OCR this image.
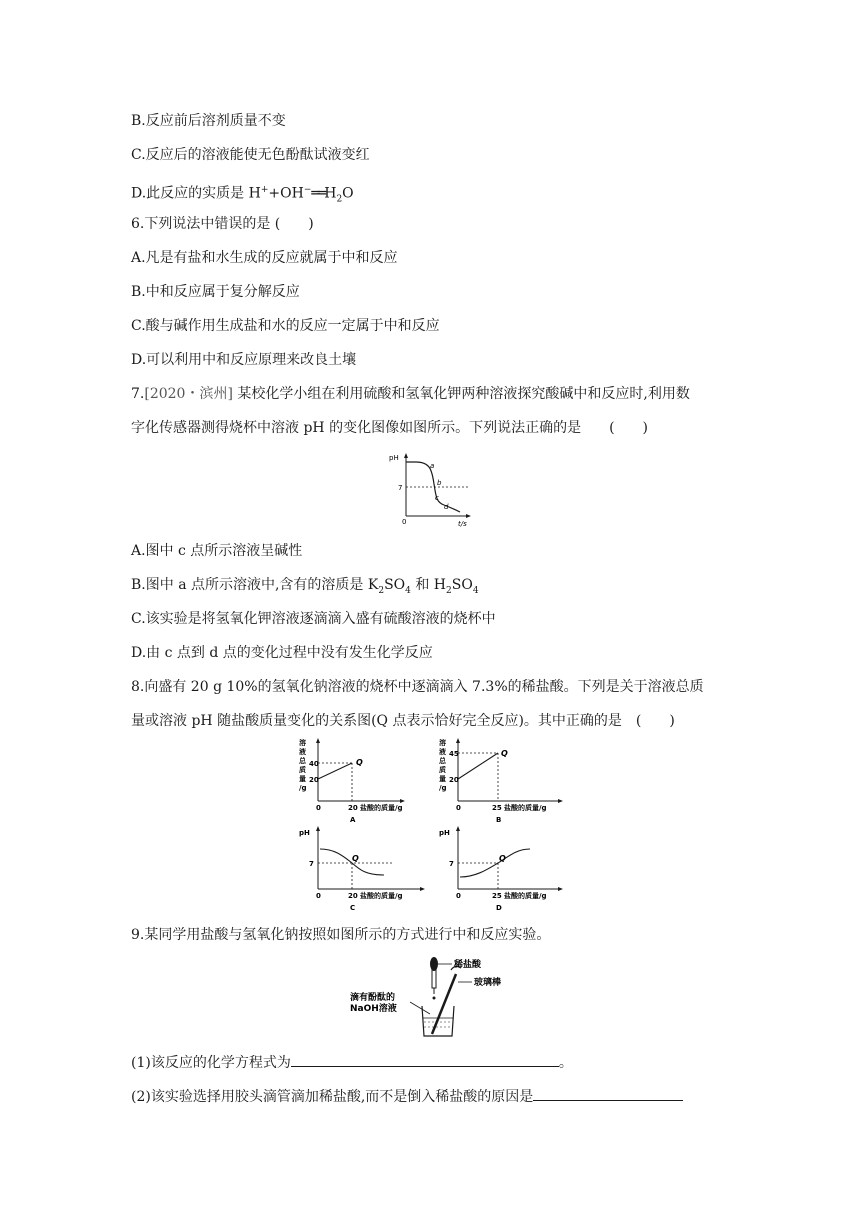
B.反应前后溶剂质量不变
C.反应后的溶液能使无色酚酞试液变红
D.此反应的实质是 $H^++OH^-══H_2O$
6.下列说法中错误的是 (　　)
A.凡是有盐和水生成的反应就属于中和反应
B.中和反应属于复分解反应
C.酸与碱作用生成盐和水的反应一定属于中和反应
D.可以利用中和反应原理来改良土壤
7.[2020・滨州] 某校化学小组在利用硫酸和氢氧化钾两种溶液探究酸碱中和反应时,利用数
字化传感器测得烧杯中溶液 pH 的变化图像如图所示。下列说法正确的是　　(　　)
pH
7
0	t/s
a
b
c
d
A.图中 c 点所示溶液呈碱性
B.图中 a 点所示溶液中,含有的溶质是 $K_2SO_4$ 和 $H_2SO_4$
C.该实验是将氢氧化钾溶液逐滴滴入盛有硫酸溶液的烧杯中
D.由 c 点到 d 点的变化过程中没有发生化学反应
8.向盛有 20 g 10%的氢氧化钠溶液的烧杯中逐滴滴入 7.3%的稀盐酸。下列是关于溶液总质
量或溶液 pH 随盐酸质量变化的关系图(Q 点表示恰好完全反应)。其中正确的是　(　　)
溶
液
总
质
量
/g
40
20
0	20 盐酸的质量/g
Q
A
溶
液
总
质
量
/g
45
20
0	25 盐酸的质量/g
Q
B
pH
7
0	20 盐酸的质量/g
Q
C
pH
7
0	25 盐酸的质量/g
Q
D
9.某同学用盐酸与氢氧化钠按照如图所示的方式进行中和反应实验。
稀盐酸
玻璃棒
滴有酚酞的
NaOH溶液
(1)该反应的化学方程式为	。
(2)该实验选择用胶头滴管滴加稀盐酸,而不是倒入稀盐酸的原因是
